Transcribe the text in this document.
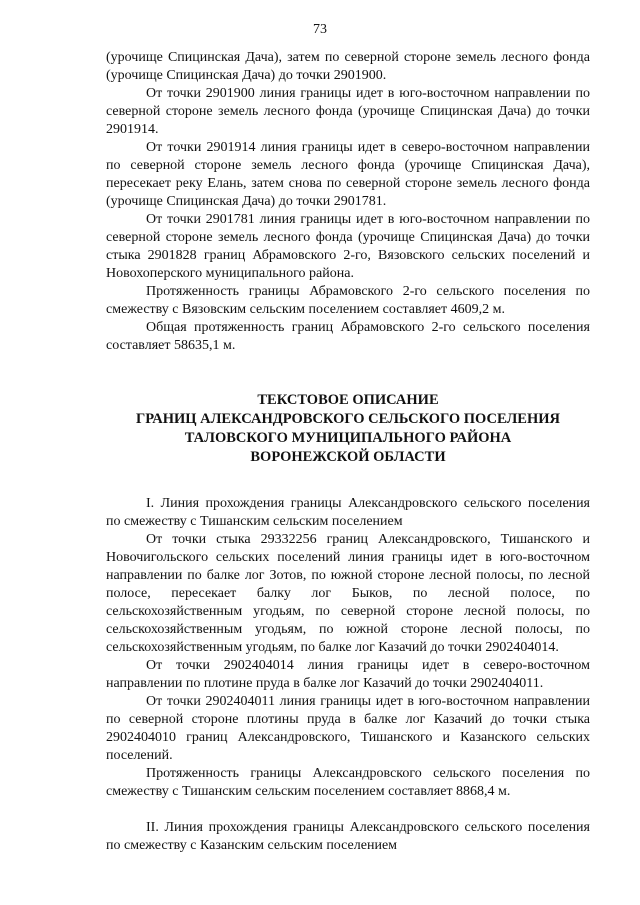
73

(урочище Спицинская Дача), затем по северной стороне земель лесного фонда (урочище Спицинская Дача) до точки 2901900.

От точки 2901900 линия границы идет в юго-восточном направлении по северной стороне земель лесного фонда (урочище Спицинская Дача) до точки 2901914.

От точки 2901914 линия границы идет в северо-восточном направлении по северной стороне земель лесного фонда (урочище Спицинская Дача), пересекает реку Елань, затем снова по северной стороне земель лесного фонда (урочище Спицинская Дача) до точки 2901781.

От точки 2901781 линия границы идет в юго-восточном направлении по северной стороне земель лесного фонда (урочище Спицинская Дача) до точки стыка 2901828 границ Абрамовского 2-го, Вязовского сельских поселений и Новохоперского муниципального района.

Протяженность границы Абрамовского 2-го сельского поселения по смежеству с Вязовским сельским поселением составляет 4609,2 м.

Общая протяженность границ Абрамовского 2-го сельского поселения составляет 58635,1 м.

ТЕКСТОВОЕ ОПИСАНИЕ
ГРАНИЦ АЛЕКСАНДРОВСКОГО СЕЛЬСКОГО ПОСЕЛЕНИЯ
ТАЛОВСКОГО МУНИЦИПАЛЬНОГО РАЙОНА
ВОРОНЕЖСКОЙ ОБЛАСТИ

I. Линия прохождения границы Александровского сельского поселения по смежеству с Тишанским сельским поселением

От точки стыка 29332256 границ Александровского, Тишанского и Новочигольского сельских поселений линия границы идет в юго-восточном направлении по балке лог Зотов, по южной стороне лесной полосы, по лесной полосе, пересекает балку лог Быков, по лесной полосе, по сельскохозяйственным угодьям, по северной стороне лесной полосы, по сельскохозяйственным угодьям, по южной стороне лесной полосы, по сельскохозяйственным угодьям, по балке лог Казачий до точки 2902404014.

От точки 2902404014 линия границы идет в северо-восточном направлении по плотине пруда в балке лог Казачий до точки 2902404011.

От точки 2902404011 линия границы идет в юго-восточном направлении по северной стороне плотины пруда в балке лог Казачий до точки стыка 2902404010 границ Александровского, Тишанского и Казанского сельских поселений.

Протяженность границы Александровского сельского поселения по смежеству с Тишанским сельским поселением составляет 8868,4 м.

II. Линия прохождения границы Александровского сельского поселения по смежеству с Казанским сельским поселением
